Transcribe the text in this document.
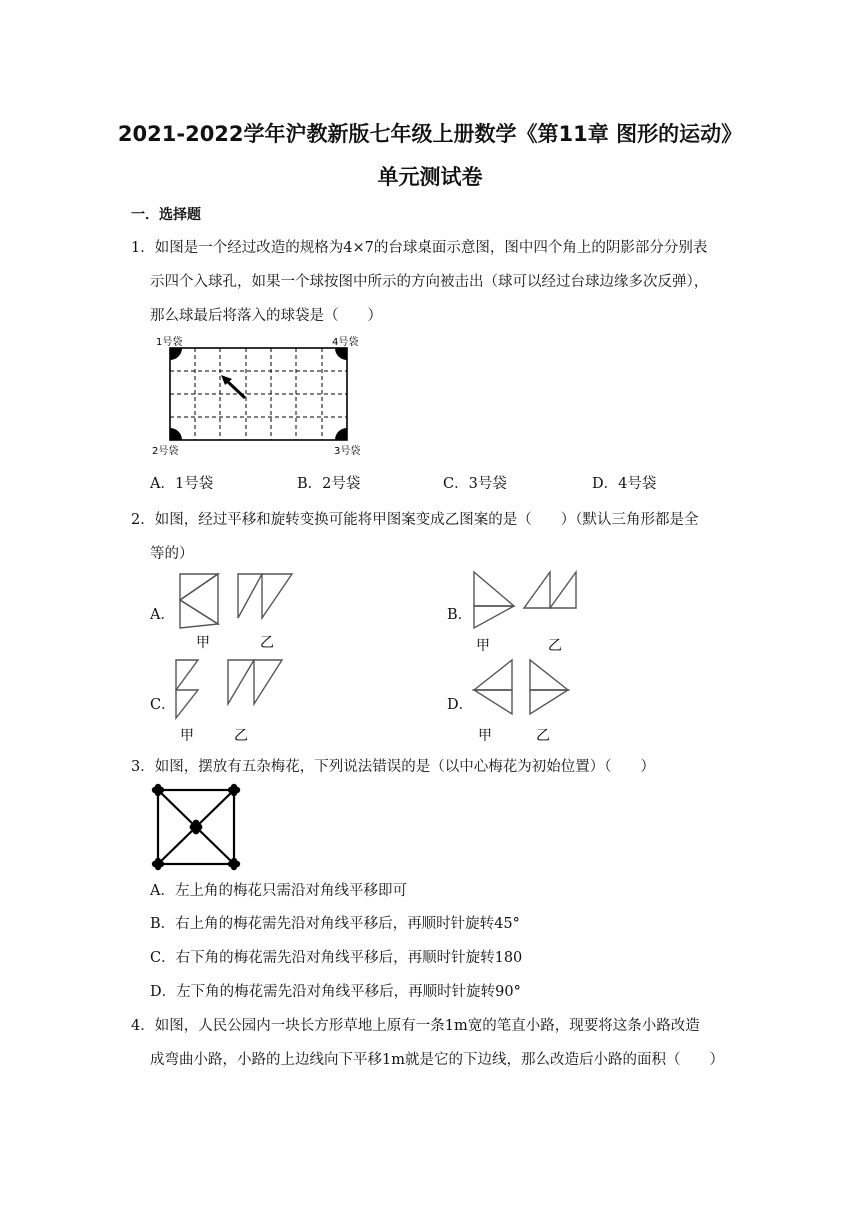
2021-2022学年沪教新版七年级上册数学《第11章 图形的运动》
单元测试卷
一．选择题
1．如图是一个经过改造的规格为4×7的台球桌面示意图，图中四个角上的阴影部分分别表
示四个入球孔，如果一个球按图中所示的方向被击出（球可以经过台球边缘多次反弹），
那么球最后将落入的球袋是（　　）
1号袋	4号袋
2号袋	3号袋
A．1号袋	B．2号袋	C．3号袋	D．4号袋
2．如图，经过平移和旋转变换可能将甲图案变成乙图案的是（　　）（默认三角形都是全
等的）
A．
甲	乙
B．
甲	乙
C．
甲	乙
D．
甲	乙
3．如图，摆放有五杂梅花，下列说法错误的是（以中心梅花为初始位置）（　　）
A．左上角的梅花只需沿对角线平移即可
B．右上角的梅花需先沿对角线平移后，再顺时针旋转45°
C．右下角的梅花需先沿对角线平移后，再顺时针旋转180
D．左下角的梅花需先沿对角线平移后，再顺时针旋转90°
4．如图，人民公园内一块长方形草地上原有一条1m宽的笔直小路，现要将这条小路改造
成弯曲小路，小路的上边线向下平移1m就是它的下边线，那么改造后小路的面积（　　）
